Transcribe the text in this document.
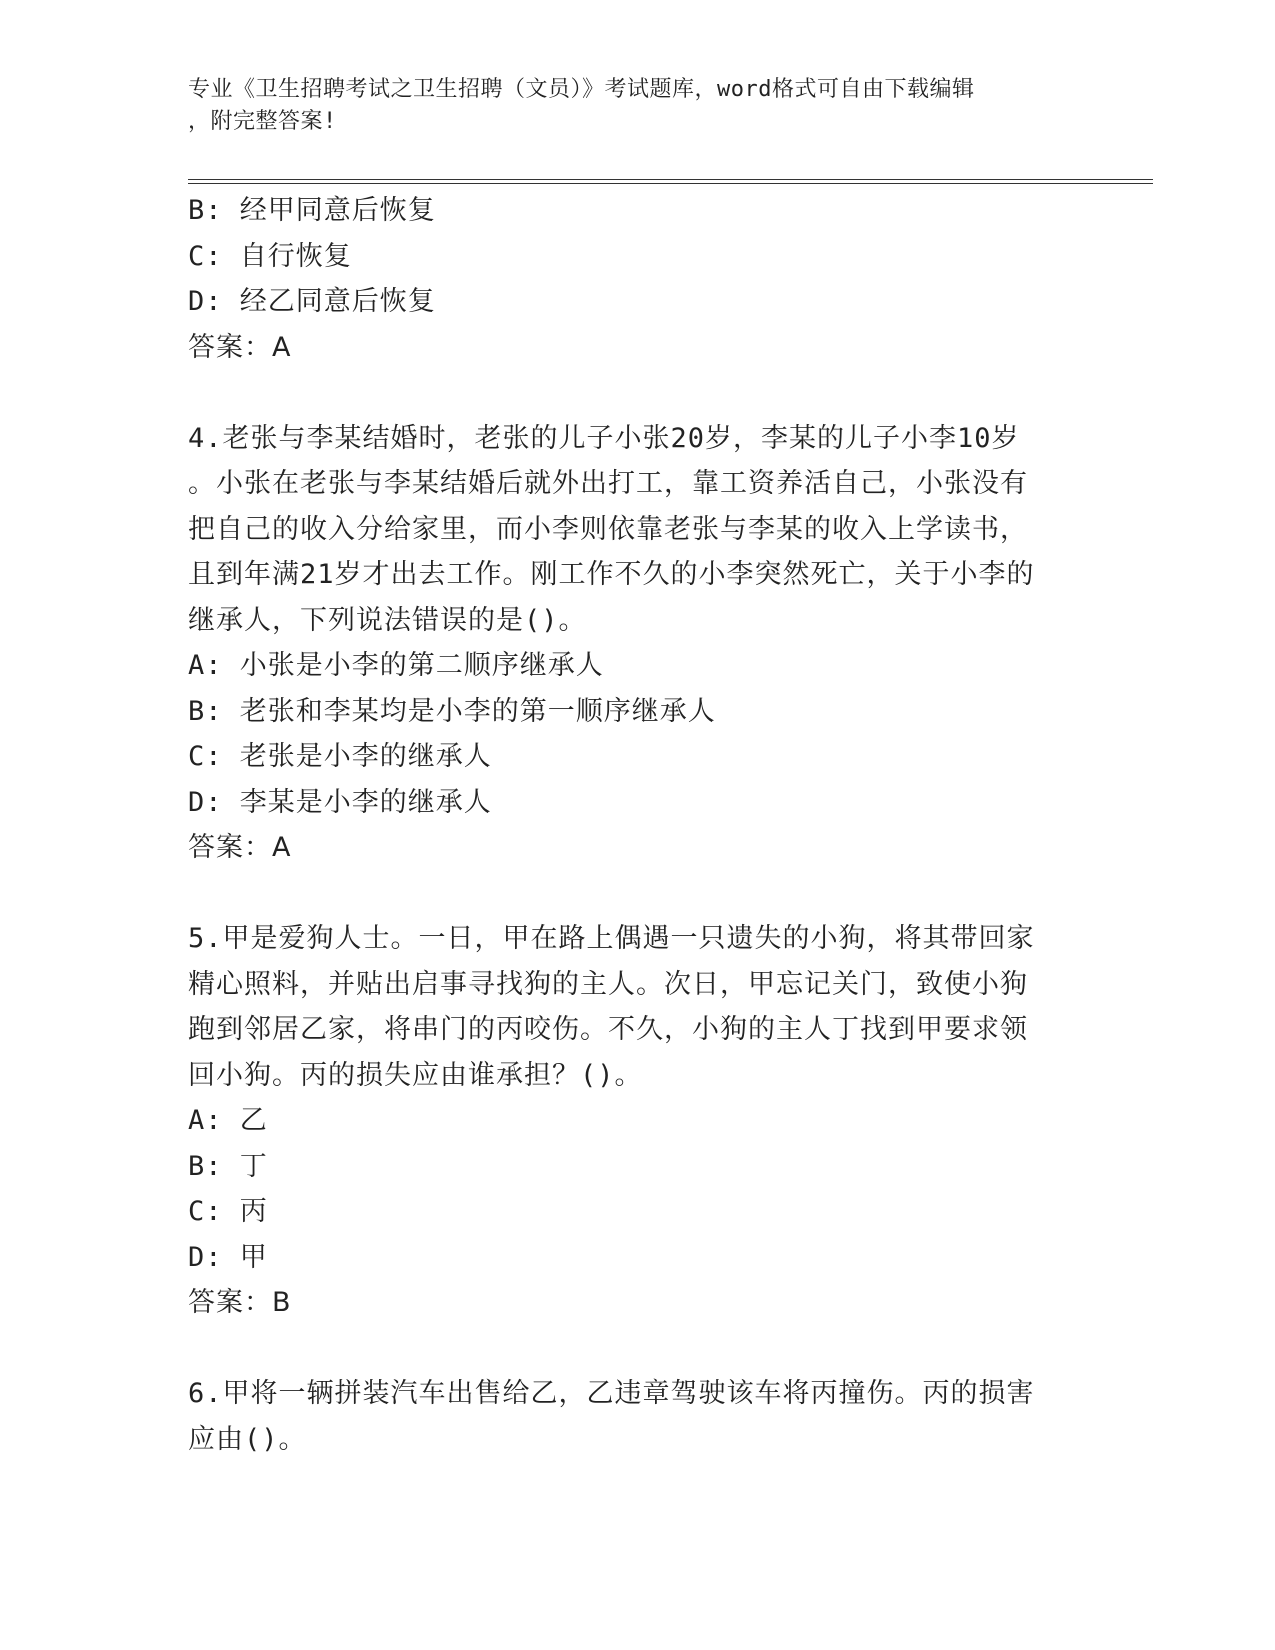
专业《卫生招聘考试之卫生招聘（文员）》考试题库，word格式可自由下载编辑
，附完整答案!
B: 经甲同意后恢复
C: 自行恢复
D: 经乙同意后恢复
答案：A
4.老张与李某结婚时，老张的儿子小张20岁，李某的儿子小李10岁
。小张在老张与李某结婚后就外出打工，靠工资养活自己，小张没有
把自己的收入分给家里，而小李则依靠老张与李某的收入上学读书，
且到年满21岁才出去工作。刚工作不久的小李突然死亡，关于小李的
继承人，下列说法错误的是()。
A: 小张是小李的第二顺序继承人
B: 老张和李某均是小李的第一顺序继承人
C: 老张是小李的继承人
D: 李某是小李的继承人
答案：A
5.甲是爱狗人士。一日，甲在路上偶遇一只遗失的小狗，将其带回家
精心照料，并贴出启事寻找狗的主人。次日，甲忘记关门，致使小狗
跑到邻居乙家，将串门的丙咬伤。不久，小狗的主人丁找到甲要求领
回小狗。丙的损失应由谁承担？()。
A: 乙
B: 丁
C: 丙
D: 甲
答案：B
6.甲将一辆拼装汽车出售给乙，乙违章驾驶该车将丙撞伤。丙的损害
应由()。
